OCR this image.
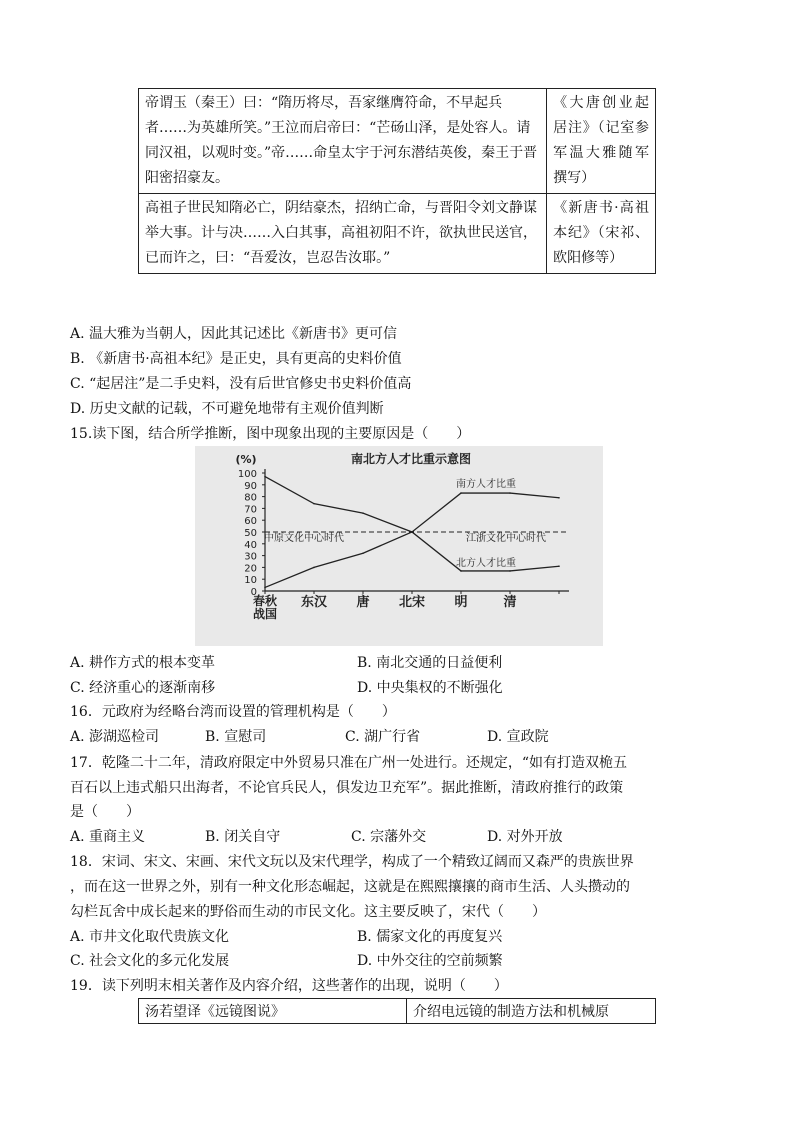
帝谓玉（秦王）曰：“隋历将尽，吾家继膺符命，不早起兵者……为英雄所笑。”王泣而启帝曰：“芒砀山泽，是处容人。请同汉祖，以观时变。”帝……命皇太宇于河东潜结英俊，秦王于晋阳密招豪友。	《大唐创业起居注》（记室参军温大雅随军撰写）
高祖子世民知隋必亡，阴结豪杰，招纳亡命，与晋阳令刘文静谋举大事。计与决……入白其事，高祖初阳不许，欲执世民送官，已而许之，曰：“吾爱汝，岂忍告汝耶。”	《新唐书·高祖本纪》（宋祁、欧阳修等）
A. 温大雅为当朝人，因此其记述比《新唐书》更可信
B. 《新唐书·高祖本纪》是正史，具有更高的史料价值
C. “起居注”是二手史料，没有后世官修史书史料价值高
D. 历史文献的记载，不可避免地带有主观价值判断
15.读下图，结合所学推断，图中现象出现的主要原因是（　　）
南北方人才比重示意图
(%)
0
10
20
30
40
50
60
70
80
90
100
春秋
战国
东汉 唐 北宋 明	清
南方人才比重
北方人才比重
中原文化中心时代	江浙文化中心时代
A. 耕作方式的根本变革	B. 南北交通的日益便利
C. 经济重心的逐渐南移	D. 中央集权的不断强化
16．元政府为经略台湾而设置的管理机构是（　　）
A. 澎湖巡检司	B. 宣慰司	C. 湖广行省	D. 宣政院
17．乾隆二十二年，清政府限定中外贸易只准在广州一处进行。还规定，“如有打造双桅五
百石以上违式船只出海者，不论官兵民人，俱发边卫充军”。据此推断，清政府推行的政策
是（　　）
A. 重商主义	B. 闭关自守	C. 宗藩外交	D. 对外开放
18．宋词、宋文、宋画、宋代文玩以及宋代理学，构成了一个精致辽阔而又森严的贵族世界
，而在这一世界之外，别有一种文化形态崛起，这就是在熙熙攘攘的商市生活、人头攒动的
勾栏瓦舍中成长起来的野俗而生动的市民文化。这主要反映了，宋代（　　）
A. 市井文化取代贵族文化	B. 儒家文化的再度复兴
C. 社会文化的多元化发展	D. 中外交往的空前频繁
19．读下列明末相关著作及内容介绍，这些著作的出现，说明（　　）
汤若望译《远镜图说》	介绍电远镜的制造方法和机械原
